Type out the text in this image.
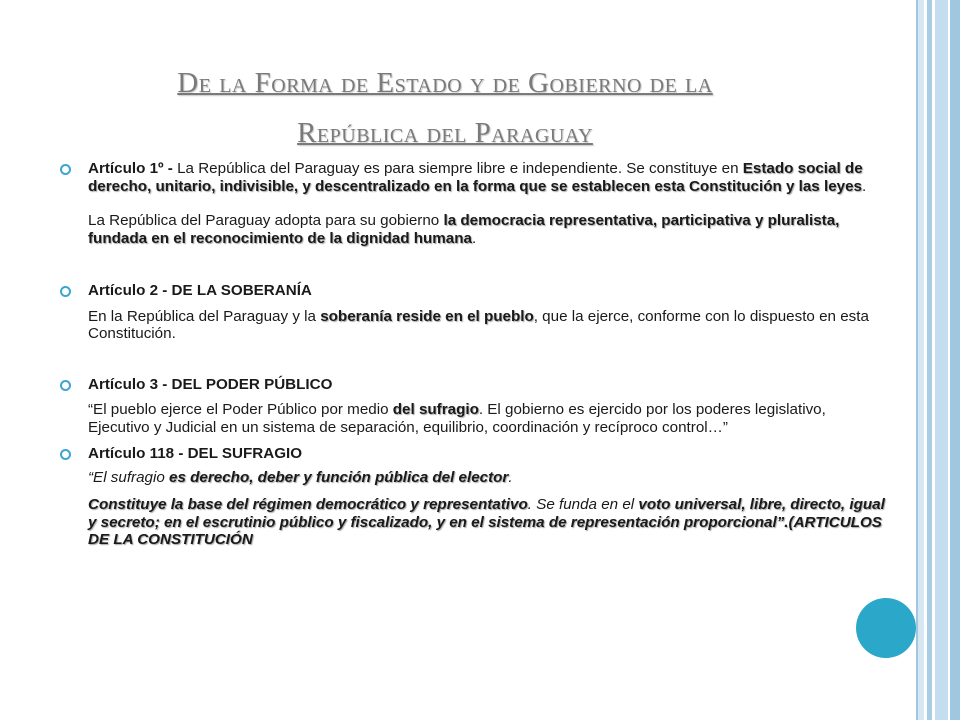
De la Forma de Estado y de Gobierno de la
República del Paraguay

Artículo 1º - La República del Paraguay es para siempre libre e independiente. Se constituye en Estado social de derecho, unitario, indivisible, y descentralizado en la forma que se establecen esta Constitución y las leyes.

La República del Paraguay adopta para su gobierno la democracia representativa, participativa y pluralista, fundada en el reconocimiento de la dignidad humana.

Artículo 2 - DE LA SOBERANÍA

En la República del Paraguay y la soberanía reside en el pueblo, que la ejerce, conforme con lo dispuesto en esta Constitución.

Artículo 3 - DEL PODER PÚBLICO

“El pueblo ejerce el Poder Público por medio del sufragio. El gobierno es ejercido por los poderes legislativo, Ejecutivo y Judicial en un sistema de separación, equilibrio, coordinación y recíproco control…”

Artículo 118 - DEL SUFRAGIO

“El sufragio es derecho, deber y función pública del elector.

Constituye la base del régimen democrático y representativo. Se funda en el voto universal, libre, directo, igual y secreto; en el escrutinio público y fiscalizado, y en el sistema de representación proporcional”.(ARTICULOS DE LA CONSTITUCIÓN
